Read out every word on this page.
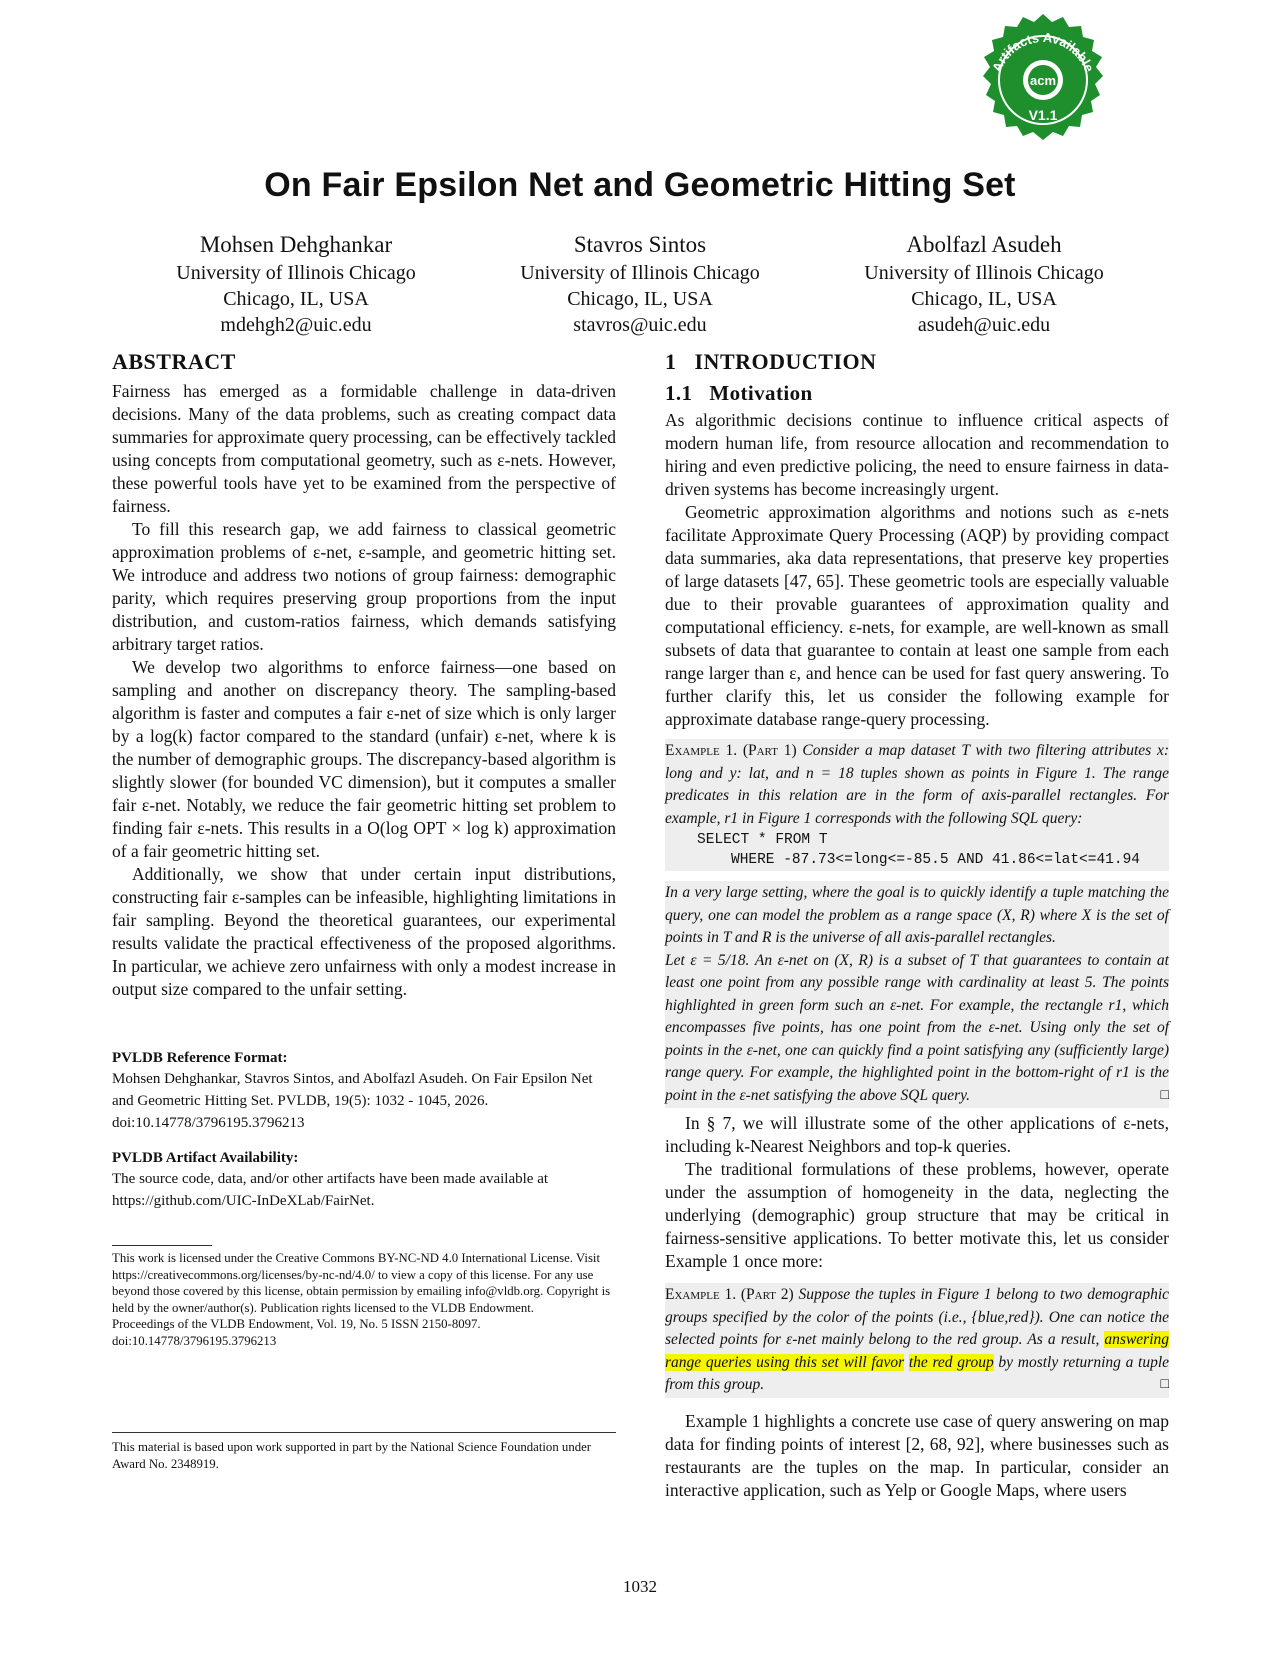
acm
Artifacts Available
V1.1
On Fair Epsilon Net and Geometric Hitting Set
Mohsen Dehghankar
University of Illinois Chicago
Chicago, IL, USA
mdehgh2@uic.edu
Stavros Sintos
University of Illinois Chicago
Chicago, IL, USA
stavros@uic.edu
Abolfazl Asudeh
University of Illinois Chicago
Chicago, IL, USA
asudeh@uic.edu
ABSTRACT

Fairness has emerged as a formidable challenge in data-driven decisions. Many of the data problems, such as creating compact data summaries for approximate query processing, can be effectively tackled using concepts from computational geometry, such as ε-nets. However, these powerful tools have yet to be examined from the perspective of fairness.

To fill this research gap, we add fairness to classical geometric approximation problems of ε-net, ε-sample, and geometric hitting set. We introduce and address two notions of group fairness: demographic parity, which requires preserving group proportions from the input distribution, and custom-ratios fairness, which demands satisfying arbitrary target ratios.

We develop two algorithms to enforce fairness—one based on sampling and another on discrepancy theory. The sampling-based algorithm is faster and computes a fair ε-net of size which is only larger by a log(k) factor compared to the standard (unfair) ε-net, where k is the number of demographic groups. The discrepancy-based algorithm is slightly slower (for bounded VC dimension), but it computes a smaller fair ε-net. Notably, we reduce the fair geometric hitting set problem to finding fair ε-nets. This results in a O(log OPT × log k) approximation of a fair geometric hitting set.

Additionally, we show that under certain input distributions, constructing fair ε-samples can be infeasible, highlighting limitations in fair sampling. Beyond the theoretical guarantees, our experimental results validate the practical effectiveness of the proposed algorithms. In particular, we achieve zero unfairness with only a modest increase in output size compared to the unfair setting.

PVLDB Reference Format:

Mohsen Dehghankar, Stavros Sintos, and Abolfazl Asudeh. On Fair Epsilon Net and Geometric Hitting Set. PVLDB, 19(5): 1032 - 1045, 2026.
doi:10.14778/3796195.3796213

PVLDB Artifact Availability:

The source code, data, and/or other artifacts have been made available at https://github.com/UIC-InDeXLab/FairNet.
This work is licensed under the Creative Commons BY-NC-ND 4.0 International License. Visit https://creativecommons.org/licenses/by-nc-nd/4.0/ to view a copy of this license. For any use beyond those covered by this license, obtain permission by emailing info@vldb.org. Copyright is held by the owner/author(s). Publication rights licensed to the VLDB Endowment.
Proceedings of the VLDB Endowment, Vol. 19, No. 5 ISSN 2150-8097.
doi:10.14778/3796195.3796213
This material is based upon work supported in part by the National Science Foundation under Award No. 2348919.
1   INTRODUCTION
1.1   Motivation

As algorithmic decisions continue to influence critical aspects of modern human life, from resource allocation and recommendation to hiring and even predictive policing, the need to ensure fairness in data-driven systems has become increasingly urgent.

Geometric approximation algorithms and notions such as ε-nets facilitate Approximate Query Processing (AQP) by providing compact data summaries, aka data representations, that preserve key properties of large datasets [47, 65]. These geometric tools are especially valuable due to their provable guarantees of approximation quality and computational efficiency. ε-nets, for example, are well-known as small subsets of data that guarantee to contain at least one sample from each range larger than ε, and hence can be used for fast query answering. To further clarify this, let us consider the following example for approximate database range-query processing.

Example 1. (Part 1) Consider a map dataset T with two filtering attributes x: long and y: lat, and n = 18 tuples shown as points in Figure 1. The range predicates in this relation are in the form of axis-parallel rectangles. For example, r1 in Figure 1 corresponds with the following SQL query:
SELECT * FROM T
WHERE -87.73<=long<=-85.5 AND 41.86<=lat<=41.94
In a very large setting, where the goal is to quickly identify a tuple matching the query, one can model the problem as a range space (X, R) where X is the set of points in T and R is the universe of all axis-parallel rectangles.
Let ε = 5/18. An ε-net on (X, R) is a subset of T that guarantees to contain at least one point from any possible range with cardinality at least 5. The points highlighted in green form such an ε-net. For example, the rectangle r1, which encompasses five points, has one point from the ε-net. Using only the set of points in the ε-net, one can quickly find a point satisfying any (sufficiently large) range query. For example, the highlighted point in the bottom-right of r1 is the point in the ε-net satisfying the above SQL query.	□

In § 7, we will illustrate some of the other applications of ε-nets, including k-Nearest Neighbors and top-k queries.

The traditional formulations of these problems, however, operate under the assumption of homogeneity in the data, neglecting the underlying (demographic) group structure that may be critical in fairness-sensitive applications. To better motivate this, let us consider Example 1 once more:

Example 1. (Part 2) Suppose the tuples in Figure 1 belong to two demographic groups specified by the color of the points (i.e., {blue,red}). One can notice the selected points for ε-net mainly belong to the red group. As a result, answering range queries using this set will favor the red group by mostly returning a tuple from this group.	□

Example 1 highlights a concrete use case of query answering on map data for finding points of interest [2, 68, 92], where businesses such as restaurants are the tuples on the map. In particular, consider an interactive application, such as Yelp or Google Maps, where users

1032
